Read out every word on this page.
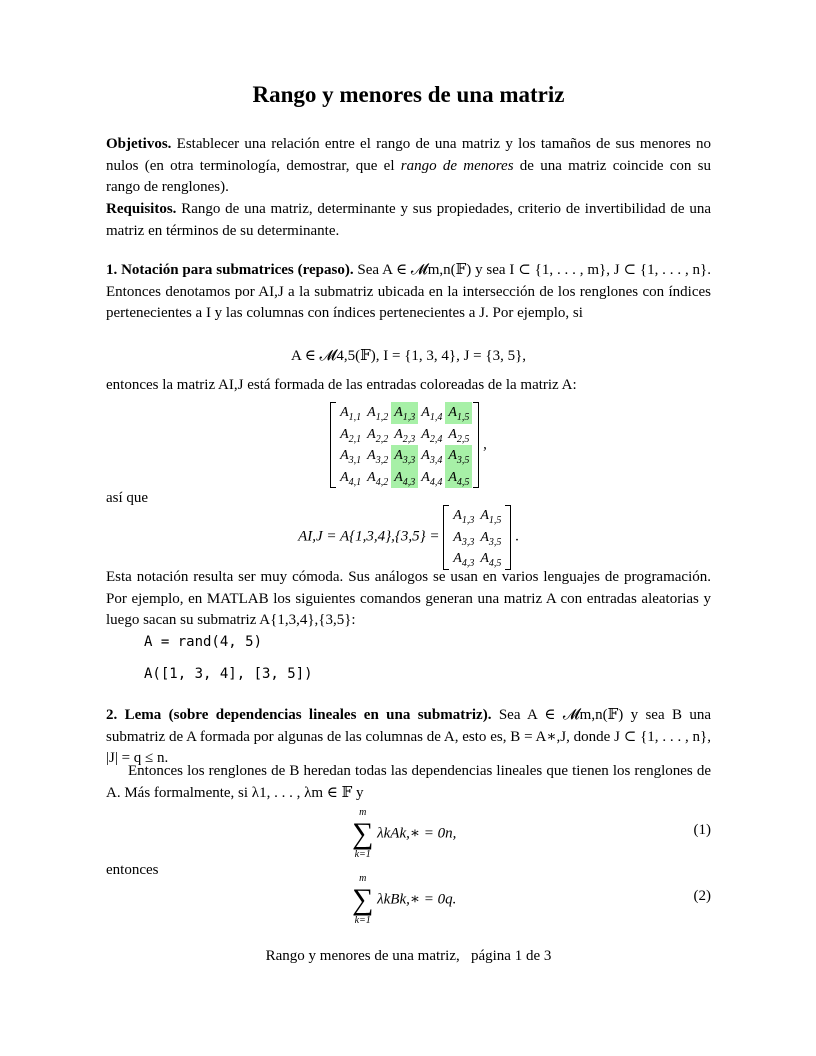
Rango y menores de una matriz

Objetivos. Establecer una relación entre el rango de una matriz y los tamaños de sus menores no nulos (en otra terminología, demostrar, que el rango de menores de una matriz coincide con su rango de renglones).

Requisitos. Rango de una matriz, determinante y sus propiedades, criterio de invertibilidad de una matriz en términos de su determinante.

1. Notación para submatrices (repaso). Sea A ∈ 𝓜m,n(𝔽) y sea I ⊂ {1, . . . , m}, J ⊂ {1, . . . , n}. Entonces denotamos por AI,J a la submatriz ubicada en la intersección de los renglones con índices pertenecientes a I y las columnas con índices pertenecientes a J. Por ejemplo, si

A ∈ 𝓜4,5(𝔽), I = {1, 3, 4}, J = {3, 5},
entonces la matriz AI,J está formada de las entradas coloreadas de la matriz A:
$A_{1,1}$	$A_{1,2}$	$A_{1,3}$	$A_{1,4}$	$A_{1,5}$
$A_{2,1}$	$A_{2,2}$	$A_{2,3}$	$A_{2,4}$	$A_{2,5}$
$A_{3,1}$	$A_{3,2}$	$A_{3,3}$	$A_{3,4}$	$A_{3,5}$
$A_{4,1}$	$A_{4,2}$	$A_{4,3}$	$A_{4,4}$	$A_{4,5}$
,
así que
AI,J = A{1,3,4},{3,5} =
$A_{1,3}$	$A_{1,5}$
$A_{3,3}$	$A_{3,5}$
$A_{4,3}$	$A_{4,5}$
.

Esta notación resulta ser muy cómoda. Sus análogos se usan en varios lenguajes de programación. Por ejemplo, en MATLAB los siguientes comandos generan una matriz A con entradas aleatorias y luego sacan su submatriz A{1,3,4},{3,5}:

A = rand(4, 5)
A([1, 3, 4], [3, 5])

2. Lema (sobre dependencias lineales en una submatriz). Sea A ∈ 𝓜m,n(𝔽) y sea B una submatriz de A formada por algunas de las columnas de A, esto es, B = A∗,J, donde J ⊂ {1, . . . , n}, |J| = q ≤ n.

Entonces los renglones de B heredan todas las dependencias lineales que tienen los renglones de A. Más formalmente, si λ1, . . . , λm ∈ 𝔽 y

m
∑
k=1
λkAk,∗ = 0n,	(1)
entonces
m
∑
k=1
λkBk,∗ = 0q.	(2)
Rango y menores de una matriz,   página 1 de 3
